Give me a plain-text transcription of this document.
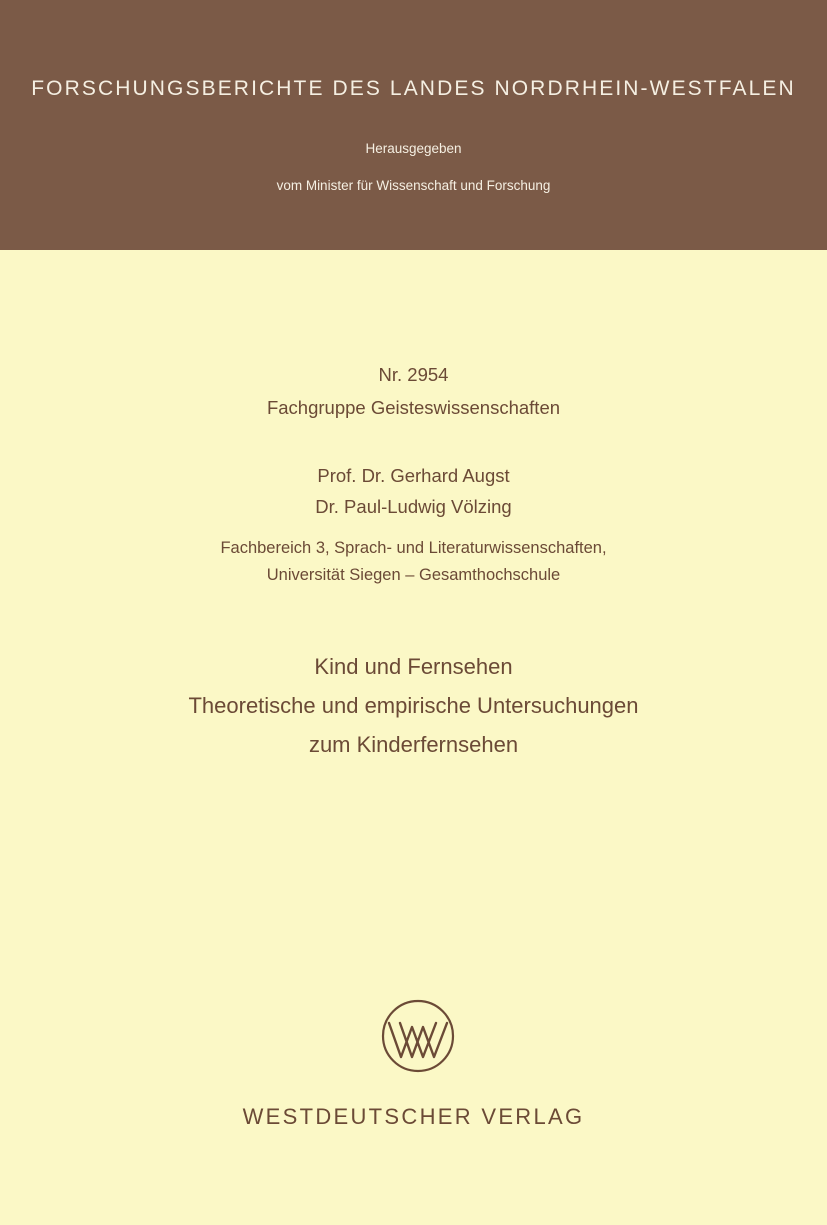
FORSCHUNGSBERICHTE DES LANDES NORDRHEIN-WESTFALEN
Herausgegeben
vom Minister für Wissenschaft und Forschung
Nr. 2954
Fachgruppe Geisteswissenschaften
Prof. Dr. Gerhard Augst
Dr. Paul-Ludwig Völzing
Fachbereich 3, Sprach- und Literaturwissenschaften,
Universität Siegen – Gesamthochschule
Kind und Fernsehen
Theoretische und empirische Untersuchungen
zum Kinderfernsehen
WESTDEUTSCHER VERLAG
